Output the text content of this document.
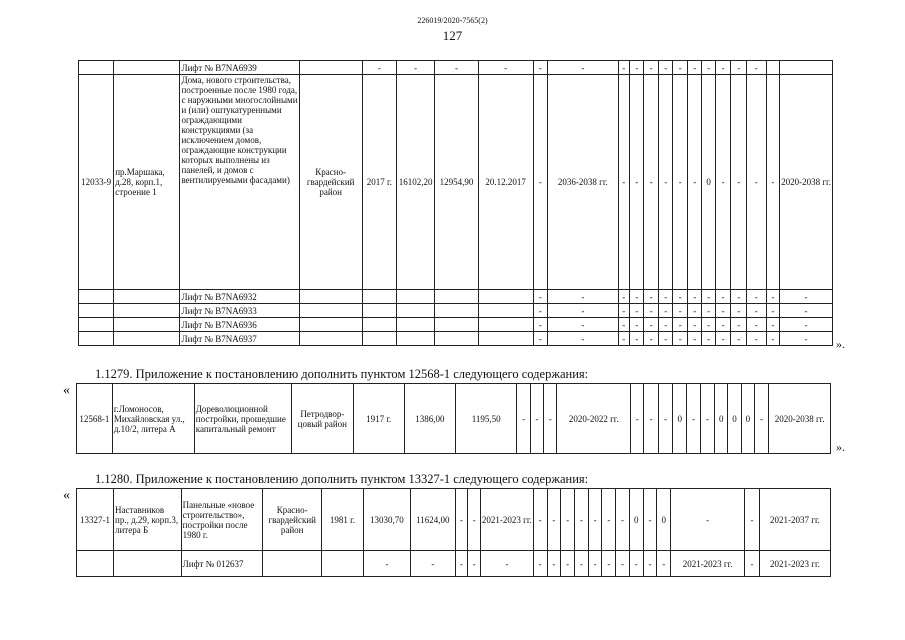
226019/2020-7565(2)
127
		Лифт № B7NA6939		-	-	-	-	-	-	-	-	-	-	-	-	-	-	-	-		
12033-9	пр.Маршака, д.28, корп.1, строение 1	Дома, нового строительства, построенные после 1980 года, с наружными многослойными и (или) оштукатуренными ограждающими конструкциями (за исключением домов, ограждающие конструкции которых выполнены из панелей, и домов с вентилируемыми фасадами)	Красно-гвардейский район	2017 г.	16102,20	12954,90	20.12.2017	-	2036-2038 гг.	-	-	-	-	-	-	0	-	-	-	-	2020-2038 гг.
		Лифт № B7NA6932						-	-	-	-	-	-	-	-	-	-	-	-	-	-
		Лифт № B7NA6933						-	-	-	-	-	-	-	-	-	-	-	-	-	-
		Лифт № B7NA6936						-	-	-	-	-	-	-	-	-	-	-	-	-	-
		Лифт № B7NA6937						-	-	-	-	-	-	-	-	-	-	-	-	-	- ».
1.1279. Приложение к постановлению дополнить пунктом 12568-1 следующего содержания:
«
12568-1	г.Ломоносов, Михайловская ул., д.10/2, литера А	Дореволюционной постройки, прошедшие капитальный ремонт	Петродвор-цовый район	1917 г.	1386,00	1195,50	-	-	-	2020-2022 гг.	-	-	-	0	-	-	0	0	0	-	2020-2038 гг.
».
1.1280. Приложение к постановлению дополнить пунктом 13327-1 следующего содержания:
«
13327-1	Наставников пр., д.29, корп.3, литера Б	Панельные «новое строительство», постройки после 1980 г.	Красно-гвардейский район	1981 г.	13030,70	11624,00	-	-	2021-2023 гг.	-	-	-	-	-	-	-	0	-	0	-	-	2021-2037 гг.
		Лифт № 012637			-	-	-	-	-	-	-	-	-	-	-	-	-	-	-	2021-2023 гг.	-	2021-2023 гг.
